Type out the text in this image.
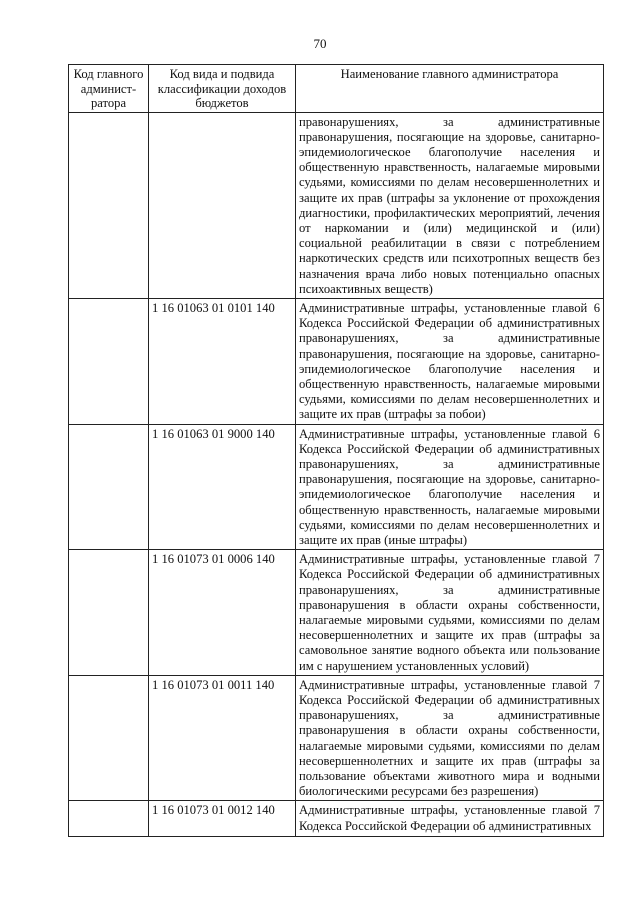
70
Код главного админист-ратора	Код вида и подвида классификации доходов бюджетов	Наименование главного администратора
		правонарушениях, за административные правонарушения, посягающие на здоровье, санитарно-эпидемиологическое благополучие населения и общественную нравственность, налагаемые мировыми судьями, комиссиями по делам несовершеннолетних и защите их прав (штрафы за уклонение от прохождения диагностики, профилактических мероприятий, лечения от наркомании и (или) медицинской и (или) социальной реабилитации в связи с потреблением наркотических средств или психотропных веществ без назначения врача либо новых потенциально опасных психоактивных веществ)
	1 16 01063 01 0101 140	Административные штрафы, установленные главой 6 Кодекса Российской Федерации об административных правонарушениях, за административные правонарушения, посягающие на здоровье, санитарно-эпидемиологическое благополучие населения и общественную нравственность, налагаемые мировыми судьями, комиссиями по делам несовершеннолетних и защите их прав (штрафы за побои)
	1 16 01063 01 9000 140	Административные штрафы, установленные главой 6 Кодекса Российской Федерации об административных правонарушениях, за административные правонарушения, посягающие на здоровье, санитарно-эпидемиологическое благополучие населения и общественную нравственность, налагаемые мировыми судьями, комиссиями по делам несовершеннолетних и защите их прав (иные штрафы)
	1 16 01073 01 0006 140	Административные штрафы, установленные главой 7 Кодекса Российской Федерации об административных правонарушениях, за административные правонарушения в области охраны собственности, налагаемые мировыми судьями, комиссиями по делам несовершеннолетних и защите их прав (штрафы за самовольное занятие водного объекта или пользование им с нарушением установленных условий)
	1 16 01073 01 0011 140	Административные штрафы, установленные главой 7 Кодекса Российской Федерации об административных правонарушениях, за административные правонарушения в области охраны собственности, налагаемые мировыми судьями, комиссиями по делам несовершеннолетних и защите их прав (штрафы за пользование объектами животного мира и водными биологическими ресурсами без разрешения)
	1 16 01073 01 0012 140	Административные штрафы, установленные главой 7 Кодекса Российской Федерации об административных
